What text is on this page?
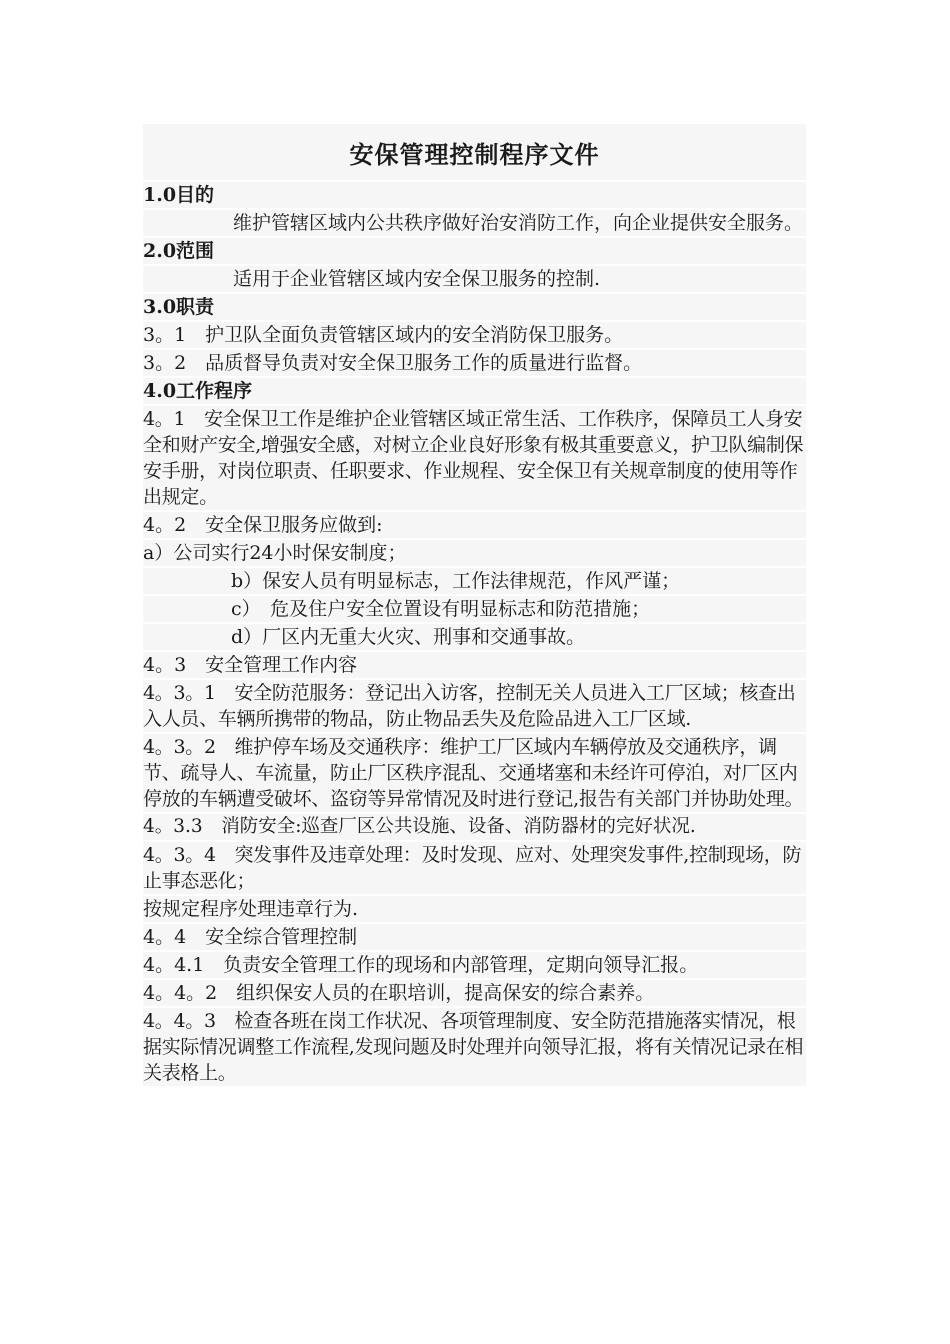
安保管理控制程序文件
1.0目的
维护管辖区域内公共秩序做好治安消防工作，向企业提供安全服务。
2.0范围
适用于企业管辖区域内安全保卫服务的控制.
3.0职责
3。1　护卫队全面负责管辖区域内的安全消防保卫服务。
3。2　品质督导负责对安全保卫服务工作的质量进行监督。
4.0工作程序
4。1　安全保卫工作是维护企业管辖区域正常生活、工作秩序，保障员工人身安全和财产安全,增强安全感，对树立企业良好形象有极其重要意义，护卫队编制保安手册，对岗位职责、任职要求、作业规程、安全保卫有关规章制度的使用等作出规定。
4。2　安全保卫服务应做到:
a）公司实行24小时保安制度；
b）保安人员有明显标志，工作法律规范，作风严谨；
c）　危及住户安全位置设有明显标志和防范措施；
d）厂区内无重大火灾、刑事和交通事故。
4。3　安全管理工作内容
4。3。1　安全防范服务：登记出入访客，控制无关人员进入工厂区域；核查出入人员、车辆所携带的物品，防止物品丢失及危险品进入工厂区域.
4。3。2　维护停车场及交通秩序：维护工厂区域内车辆停放及交通秩序，调节、疏导人、车流量，防止厂区秩序混乱、交通堵塞和未经许可停泊，对厂区内停放的车辆遭受破坏、盗窃等异常情况及时进行登记,报告有关部门并协助处理。
4。3.3　消防安全:巡查厂区公共设施、设备、消防器材的完好状况.
4。3。4　突发事件及违章处理：及时发现、应对、处理突发事件,控制现场，防止事态恶化；
按规定程序处理违章行为.
4。4　安全综合管理控制
4。4.1　负责安全管理工作的现场和内部管理，定期向领导汇报。
4。4。2　组织保安人员的在职培训，提高保安的综合素养。
4。4。3　检查各班在岗工作状况、各项管理制度、安全防范措施落实情况，根据实际情况调整工作流程,发现问题及时处理并向领导汇报，将有关情况记录在相关表格上。
